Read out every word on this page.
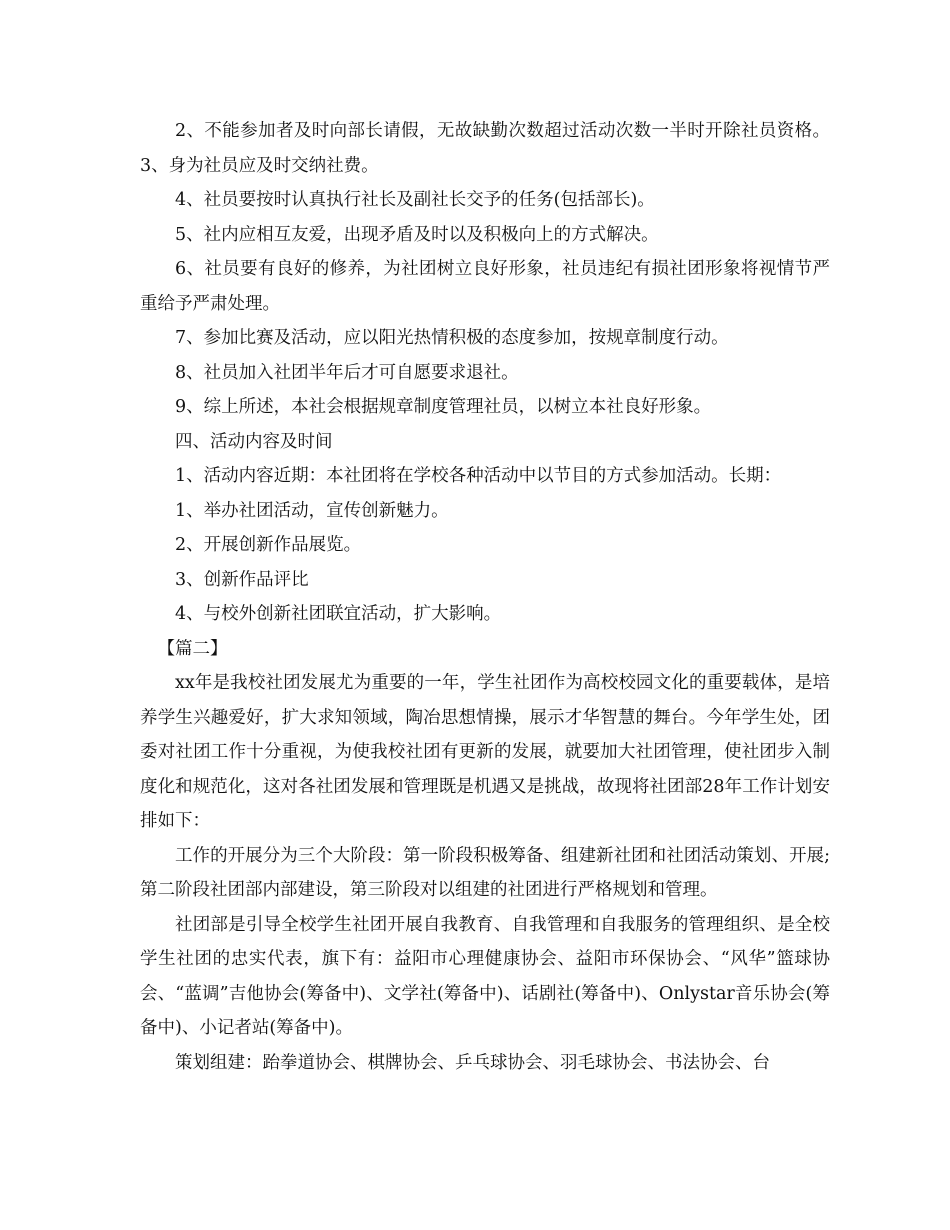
2、不能参加者及时向部长请假，无故缺勤次数超过活动次数一半时开除社员资格。3、身为社员应及时交纳社费。

4、社员要按时认真执行社长及副社长交予的任务(包括部长)。

5、社内应相互友爱，出现矛盾及时以及积极向上的方式解决。

6、社员要有良好的修养，为社团树立良好形象，社员违纪有损社团形象将视情节严重给予严肃处理。

7、参加比赛及活动，应以阳光热情积极的态度参加，按规章制度行动。

8、社员加入社团半年后才可自愿要求退社。

9、综上所述，本社会根据规章制度管理社员，以树立本社良好形象。

四、活动内容及时间

1、活动内容近期：本社团将在学校各种活动中以节目的方式参加活动。长期：

1、举办社团活动，宣传创新魅力。

2、开展创新作品展览。

3、创新作品评比

4、与校外创新社团联宜活动，扩大影响。

【篇二】

xx年是我校社团发展尤为重要的一年，学生社团作为高校校园文化的重要载体，是培养学生兴趣爱好，扩大求知领域，陶冶思想情操，展示才华智慧的舞台。今年学生处，团委对社团工作十分重视，为使我校社团有更新的发展，就要加大社团管理，使社团步入制度化和规范化，这对各社团发展和管理既是机遇又是挑战，故现将社团部28年工作计划安排如下：

工作的开展分为三个大阶段：第一阶段积极筹备、组建新社团和社团活动策划、开展;第二阶段社团部内部建设，第三阶段对以组建的社团进行严格规划和管理。

社团部是引导全校学生社团开展自我教育、自我管理和自我服务的管理组织、是全校学生社团的忠实代表，旗下有：益阳市心理健康协会、益阳市环保协会、“风华”篮球协会、“蓝调”吉他协会(筹备中)、文学社(筹备中)、话剧社(筹备中)、Onlystar音乐协会(筹备中)、小记者站(筹备中)。

策划组建：跆拳道协会、棋牌协会、乒乓球协会、羽毛球协会、书法协会、台
